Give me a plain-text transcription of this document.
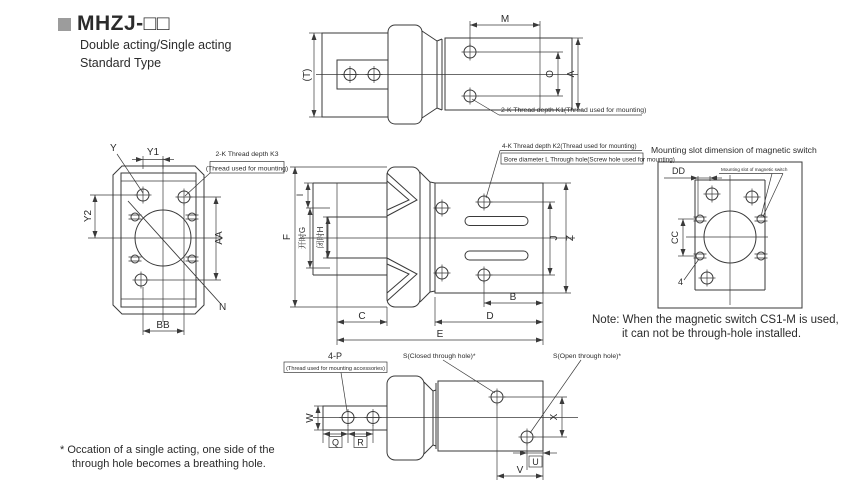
MHZJ-□□
Double acting/Single acting
Standard Type
M
O A
(T)
2-K Thread depth K1(Thread used for mounting)
N
Y	Y1
Y2
AA
BB
2-K Thread depth K3
(Thread used for mounting)
F
I
开时G 闭时H	J Z
B
D
C
E
4-K Thread depth K2(Thread used for mounting)
Bore diameter L Through hole(Screw hole used for mounting)
Mounting slot dimension of magnetic switch
DD
CC
4
Mounting slot of magnetic switch
4-P
(Thread used for mounting accessories)
W
Q R
S(Closed through hole)*	S(Open through hole)*
X
U
V
Note: When the magnetic switch CS1-M is used,
it can not be through-hole installed.
* Occation of a single acting, one side of the
through hole becomes a breathing hole.
